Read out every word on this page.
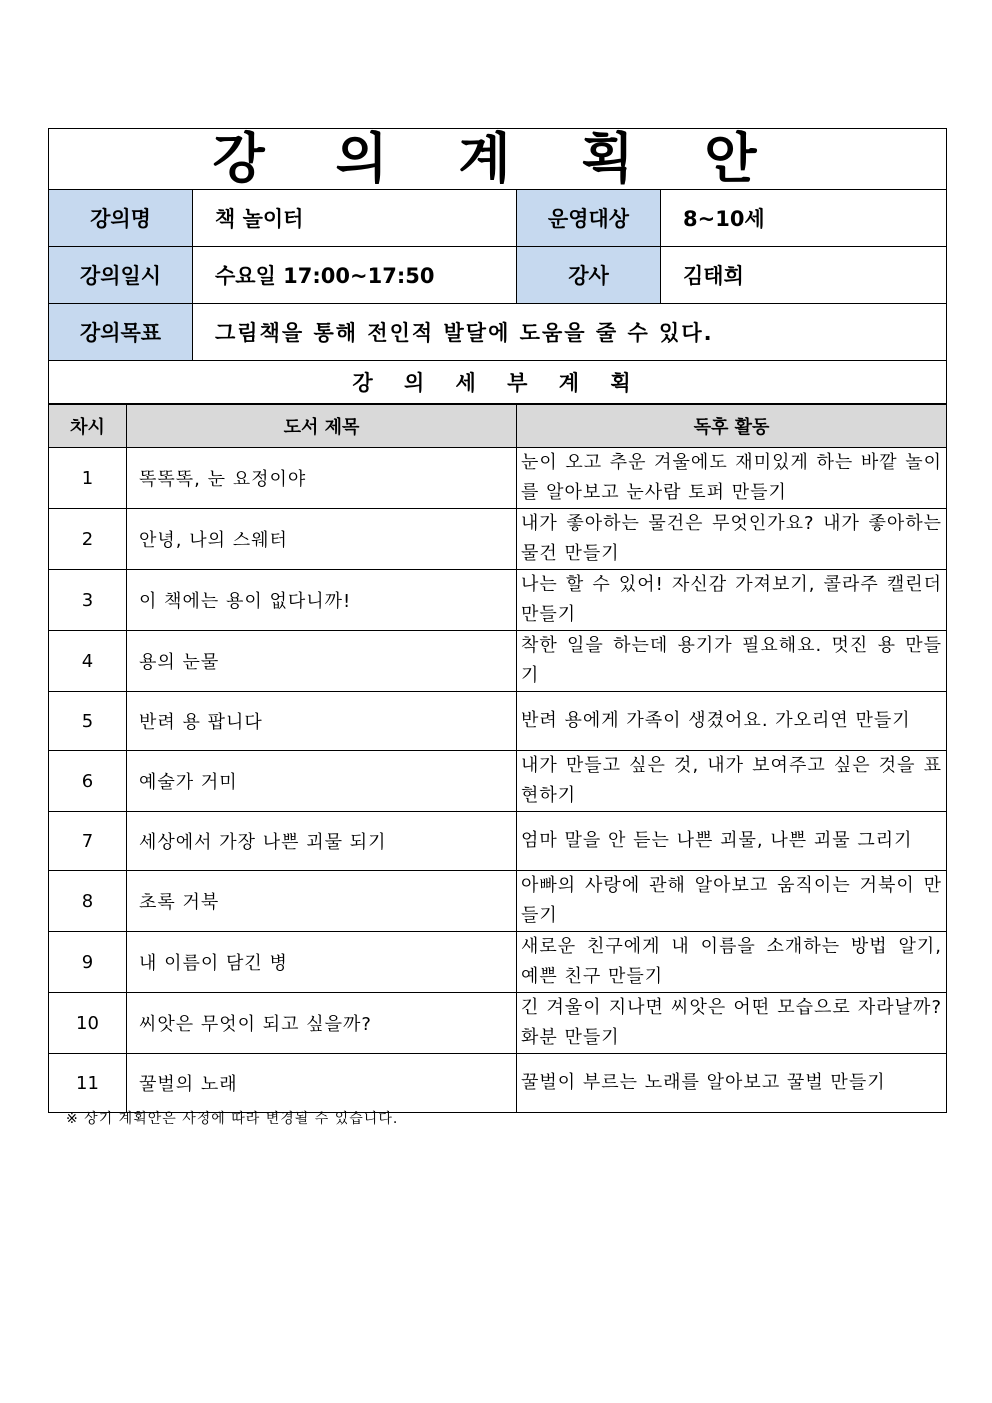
강 의 계 획 안				
강의명		책 놀이터	운영대상	8~10세
강의일시		수요일 17:00~17:50	강사	김태희
강의목표		그림책을 통해 전인적 발달에 도움을 줄 수 있다.		
강 의 세 부 계 획				
차시	도서 제목		독후 활동	
1	똑똑똑, 눈 요정이야		눈이 오고 추운 겨울에도 재미있게 하는 바깥 놀이를 알아보고 눈사람 토퍼 만들기	
2	안녕, 나의 스웨터		내가 좋아하는 물건은 무엇인가요? 내가 좋아하는 물건 만들기	
3	이 책에는 용이 없다니까!		나는 할 수 있어! 자신감 가져보기, 콜라주 캘린더 만들기	
4	용의 눈물		착한 일을 하는데 용기가 필요해요. 멋진 용 만들기	
5	반려 용 팝니다		반려 용에게 가족이 생겼어요. 가오리연 만들기	
6	예술가 거미		내가 만들고 싶은 것, 내가 보여주고 싶은 것을 표현하기	
7	세상에서 가장 나쁜 괴물 되기		엄마 말을 안 듣는 나쁜 괴물, 나쁜 괴물 그리기	
8	초록 거북		아빠의 사랑에 관해 알아보고 움직이는 거북이 만들기	
9	내 이름이 담긴 병		새로운 친구에게 내 이름을 소개하는 방법 알기, 예쁜 친구 만들기	
10	씨앗은 무엇이 되고 싶을까?		긴 겨울이 지나면 씨앗은 어떤 모습으로 자라날까? 화분 만들기	
11	꿀벌의 노래		꿀벌이 부르는 노래를 알아보고 꿀벌 만들기	
※ 상기 계획안은 사정에 따라 변경될 수 있습니다.
